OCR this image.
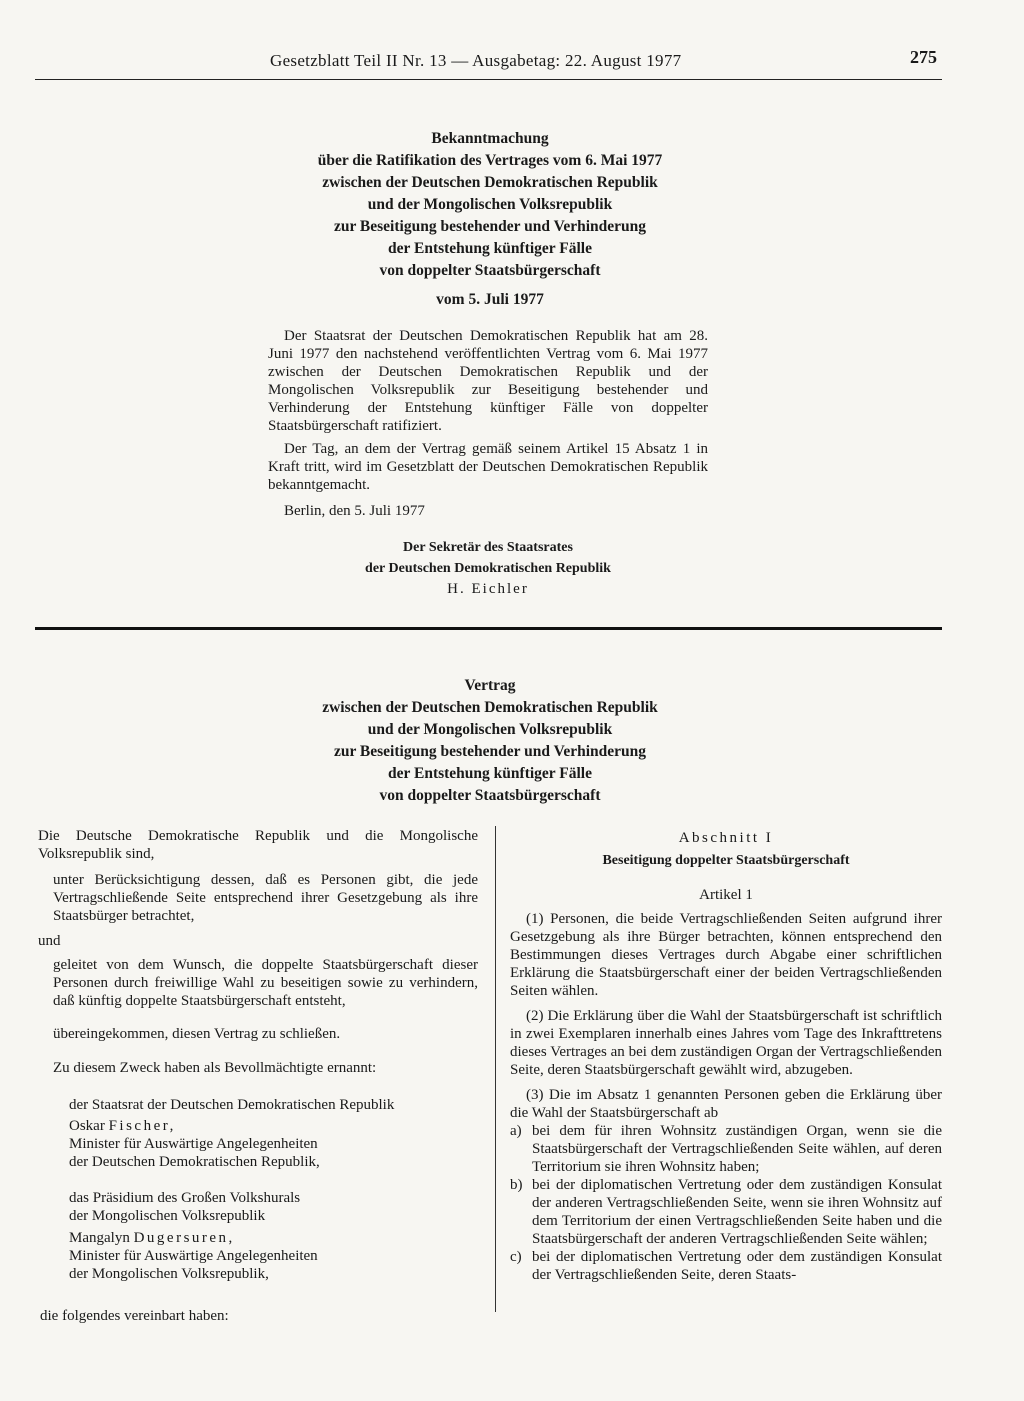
Gesetzblatt Teil II Nr. 13 — Ausgabetag: 22. August 1977	275
Bekanntmachung
über die Ratifikation des Vertrages vom 6. Mai 1977
zwischen der Deutschen Demokratischen Republik
und der Mongolischen Volksrepublik
zur Beseitigung bestehender und Verhinderung
der Entstehung künftiger Fälle
von doppelter Staatsbürgerschaft
vom 5. Juli 1977

Der Staatsrat der Deutschen Demokratischen Republik hat am 28. Juni 1977 den nachstehend veröffentlichten Vertrag vom 6. Mai 1977 zwischen der Deutschen Demokratischen Republik und der Mongolischen Volksrepublik zur Beseitigung bestehender und Verhinderung der Entstehung künftiger Fälle von doppelter Staatsbürgerschaft ratifiziert.

Der Tag, an dem der Vertrag gemäß seinem Artikel 15 Absatz 1 in Kraft tritt, wird im Gesetzblatt der Deutschen Demokratischen Republik bekanntgemacht.

Berlin, den 5. Juli 1977
Der Sekretär des Staatsrates
der Deutschen Demokratischen Republik
H. Eichler
Vertrag
zwischen der Deutschen Demokratischen Republik
und der Mongolischen Volksrepublik
zur Beseitigung bestehender und Verhinderung
der Entstehung künftiger Fälle
von doppelter Staatsbürgerschaft
Die Deutsche Demokratische Republik und die Mongolische Volksrepublik sind,
unter Berücksichtigung dessen, daß es Personen gibt, die jede Vertragschließende Seite entsprechend ihrer Gesetzgebung als ihre Staatsbürger betrachtet,
und
geleitet von dem Wunsch, die doppelte Staatsbürgerschaft dieser Personen durch freiwillige Wahl zu beseitigen sowie zu verhindern, daß künftig doppelte Staatsbürgerschaft entsteht,
übereingekommen, diesen Vertrag zu schließen.
Zu diesem Zweck haben als Bevollmächtigte ernannt:
der Staatsrat der Deutschen Demokratischen Republik
Oskar Fischer,
Minister für Auswärtige Angelegenheiten
der Deutschen Demokratischen Republik,
das Präsidium des Großen Volkshurals
der Mongolischen Volksrepublik
Mangalyn Dugersuren,
Minister für Auswärtige Angelegenheiten
der Mongolischen Volksrepublik,
die folgendes vereinbart haben:
Abschnitt I
Beseitigung doppelter Staatsbürgerschaft
Artikel 1
(1) Personen, die beide Vertragschließenden Seiten aufgrund ihrer Gesetzgebung als ihre Bürger betrachten, können entsprechend den Bestimmungen dieses Vertrages durch Abgabe einer schriftlichen Erklärung die Staatsbürgerschaft einer der beiden Vertragschließenden Seiten wählen.
(2) Die Erklärung über die Wahl der Staatsbürgerschaft ist schriftlich in zwei Exemplaren innerhalb eines Jahres vom Tage des Inkrafttretens dieses Vertrages an bei dem zuständigen Organ der Vertragschließenden Seite, deren Staatsbürgerschaft gewählt wird, abzugeben.
(3) Die im Absatz 1 genannten Personen geben die Erklärung über die Wahl der Staatsbürgerschaft ab
a) bei dem für ihren Wohnsitz zuständigen Organ, wenn sie die Staatsbürgerschaft der Vertragschließenden Seite wählen, auf deren Territorium sie ihren Wohnsitz haben;
b) bei der diplomatischen Vertretung oder dem zuständigen Konsulat der anderen Vertragschließenden Seite, wenn sie ihren Wohnsitz auf dem Territorium der einen Vertragschließenden Seite haben und die Staatsbürgerschaft der anderen Vertragschließenden Seite wählen;
c) bei der diplomatischen Vertretung oder dem zuständigen Konsulat der Vertragschließenden Seite, deren Staats-
